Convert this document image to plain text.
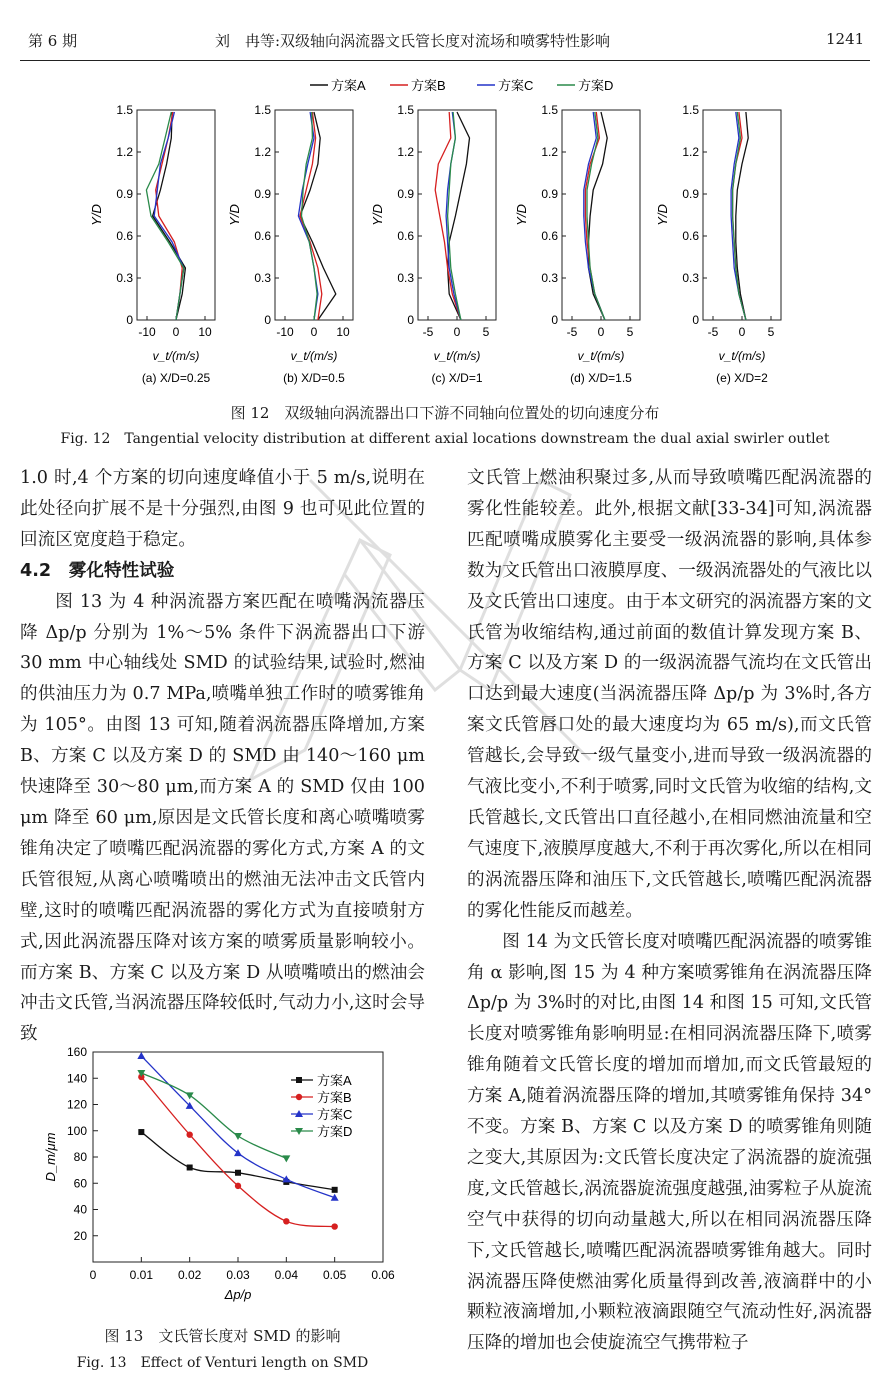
第 6 期	刘　冉等:双级轴向涡流器文氏管长度对流场和喷雾特性影响	1241
方案A	方案B	方案C	方案D
0
0.3
0.6
0.9
1.2
1.5
Y/D
-10 0 10
v_t/(m/s)
(a) X/D=0.25
0
0.3
0.6
0.9
1.2
1.5
Y/D
-10 0 10
v_t/(m/s)
(b) X/D=0.5
0
0.3
0.6
0.9
1.2
1.5
Y/D
-5 0 5
v_t/(m/s)
(c) X/D=1
0
0.3
0.6
0.9
1.2
1.5
Y/D
-5 0 5
v_t/(m/s)
(d) X/D=1.5
0
0.3
0.6
0.9
1.2
1.5
Y/D
-5 0 5
v_t/(m/s)
(e) X/D=2
图 12　双级轴向涡流器出口下游不同轴向位置处的切向速度分布
Fig. 12　Tangential velocity distribution at different axial locations downstream the dual axial swirler outlet

1.0 时,4 个方案的切向速度峰值小于 5 m/s,说明在此处径向扩展不是十分强烈,由图 9 也可见此位置的回流区宽度趋于稳定。

4.2　雾化特性试验

图 13 为 4 种涡流器方案匹配在喷嘴涡流器压降 Δp/p 分别为 1%～5% 条件下涡流器出口下游 30 mm 中心轴线处 SMD 的试验结果,试验时,燃油的供油压力为 0.7 MPa,喷嘴单独工作时的喷雾锥角为 105°。由图 13 可知,随着涡流器压降增加,方案 B、方案 C 以及方案 D 的 SMD 由 140～160 μm 快速降至 30～80 μm,而方案 A 的 SMD 仅由 100 μm 降至 60 μm,原因是文氏管长度和离心喷嘴喷雾锥角决定了喷嘴匹配涡流器的雾化方式,方案 A 的文氏管很短,从离心喷嘴喷出的燃油无法冲击文氏管内壁,这时的喷嘴匹配涡流器的雾化方式为直接喷射方式,因此涡流器压降对该方案的喷雾质量影响较小。而方案 B、方案 C 以及方案 D 从喷嘴喷出的燃油会冲击文氏管,当涡流器压降较低时,气动力小,这时会导致

文氏管上燃油积聚过多,从而导致喷嘴匹配涡流器的雾化性能较差。此外,根据文献[33-34]可知,涡流器匹配喷嘴成膜雾化主要受一级涡流器的影响,具体参数为文氏管出口液膜厚度、一级涡流器处的气液比以及文氏管出口速度。由于本文研究的涡流器方案的文氏管为收缩结构,通过前面的数值计算发现方案 B、方案 C 以及方案 D 的一级涡流器气流均在文氏管出口达到最大速度(当涡流器压降 Δp/p 为 3%时,各方案文氏管唇口处的最大速度均为 65 m/s),而文氏管管越长,会导致一级气量变小,进而导致一级涡流器的气液比变小,不利于喷雾,同时文氏管为收缩的结构,文氏管越长,文氏管出口直径越小,在相同燃油流量和空气速度下,液膜厚度越大,不利于再次雾化,所以在相同的涡流器压降和油压下,文氏管越长,喷嘴匹配涡流器的雾化性能反而越差。

图 14 为文氏管长度对喷嘴匹配涡流器的喷雾锥角 α 影响,图 15 为 4 种方案喷雾锥角在涡流器压降 Δp/p 为 3%时的对比,由图 14 和图 15 可知,文氏管长度对喷雾锥角影响明显:在相同涡流器压降下,喷雾锥角随着文氏管长度的增加而增加,而文氏管最短的方案 A,随着涡流器压降的增加,其喷雾锥角保持 34°不变。方案 B、方案 C 以及方案 D 的喷雾锥角则随之变大,其原因为:文氏管长度决定了涡流器的旋流强度,文氏管越长,涡流器旋流强度越强,油雾粒子从旋流空气中获得的切向动量越大,所以在相同涡流器压降下,文氏管越长,喷嘴匹配涡流器喷雾锥角越大。同时涡流器压降使燃油雾化质量得到改善,液滴群中的小颗粒液滴增加,小颗粒液滴跟随空气流动性好,涡流器压降的增加也会使旋流空气携带粒子

20
40
60
80
100
120
140
160
0	0.01 0.02 0.03 0.04 0.05 0.06
Δp/p
D_m/μm
方案A
方案B
方案C
方案D
图 13　文氏管长度对 SMD 的影响
Fig. 13　Effect of Venturi length on SMD
